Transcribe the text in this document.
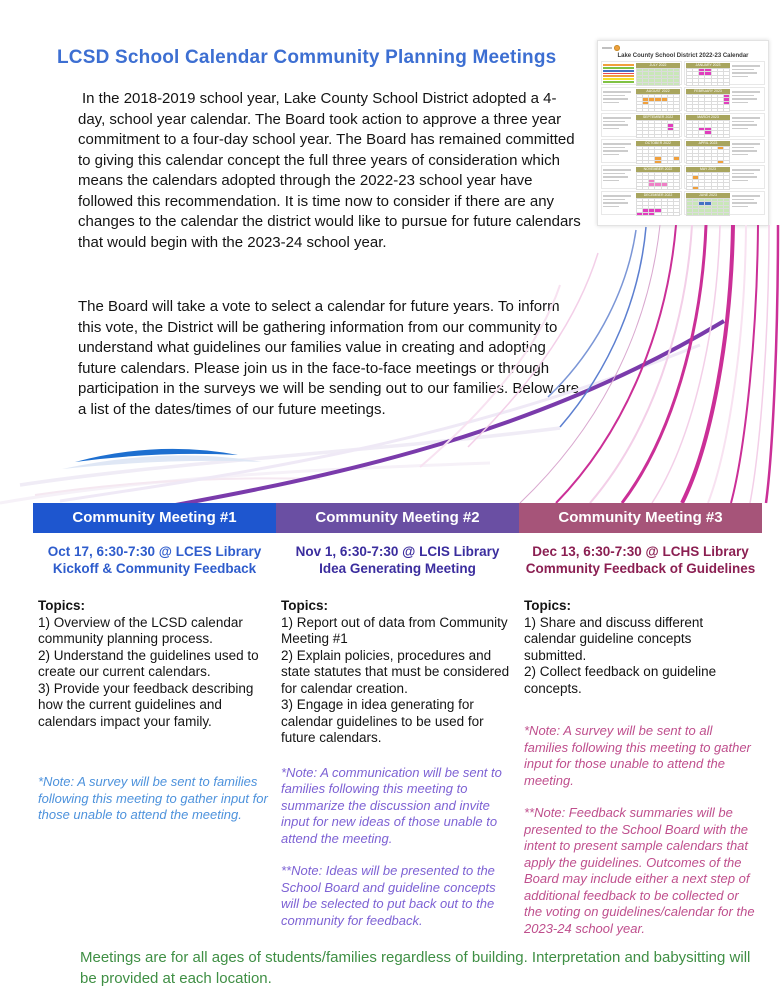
LCSD School Calendar Community Planning Meetings
In the 2018-2019 school year, Lake County School District adopted a 4-day, school year calendar. The Board took action to approve a three year commitment to a four-day school year. The Board has remained committed to giving this calendar concept the full three years of consideration which means the calendars adopted through the 2022-23 school year have followed this recommendation. It is time now to consider if there are any changes to the calendar the district would like to pursue for future calendars that would begin with the 2023-24 school year.
The Board will take a vote to select a calendar for future years. To inform this vote, the District will be gathering information from our community to understand what guidelines our families value in creating and adopting future calendars. Please join us in the face-to-face meetings or through participation in the surveys we will be sending out to our families. Below are a list of the dates/times of our future meetings.
Lake County School District 2022-23 Calendar
JULY 2022	JANUARY 2023
AUGUST 2022	FEBRUARY 2023
SEPTEMBER 2022	MARCH 2023
OCTOBER 2022	APRIL 2023
NOVEMBER 2022	MAY 2023
DECEMBER 2022	JUNE 2023
Community Meeting #1
Oct 17, 6:30-7:30 @ LCES Library
Kickoff & Community Feedback
Topics:
1) Overview of the LCSD calendar community planning process.
2) Understand the guidelines used to create our current calendars.
3) Provide your feedback describing how the current guidelines and calendars impact your family.
*Note: A survey will be sent to families following this meeting to gather input for those unable to attend the meeting.
Community Meeting #2
Nov 1, 6:30-7:30 @ LCIS Library
Idea Generating Meeting
Topics:
1) Report out of data from Community Meeting #1
2) Explain policies, procedures and state statutes that must be considered for calendar creation.
3) Engage in idea generating for calendar guidelines to be used for future calendars.
*Note: A communication will be sent to families following this meeting to summarize the discussion and invite input for new ideas of those unable to attend the meeting.
**Note: Ideas will be presented to the School Board and guideline concepts will be selected to put back out to the community for feedback.
Community Meeting #3
Dec 13, 6:30-7:30 @ LCHS Library
Community Feedback of Guidelines
Topics:
1) Share and discuss different calendar guideline concepts submitted.
2) Collect feedback on guideline concepts.
*Note: A survey will be sent to all families following this meeting to gather input for those unable to attend the meeting.
**Note: Feedback summaries will be presented to the School Board with the intent to present sample calendars that apply the guidelines. Outcomes of the Board may include either a next step of additional feedback to be collected or the voting on guidelines/calendar for the 2023-24 school year.
Meetings are for all ages of students/families regardless of building. Interpretation and babysitting will be provided at each location.
